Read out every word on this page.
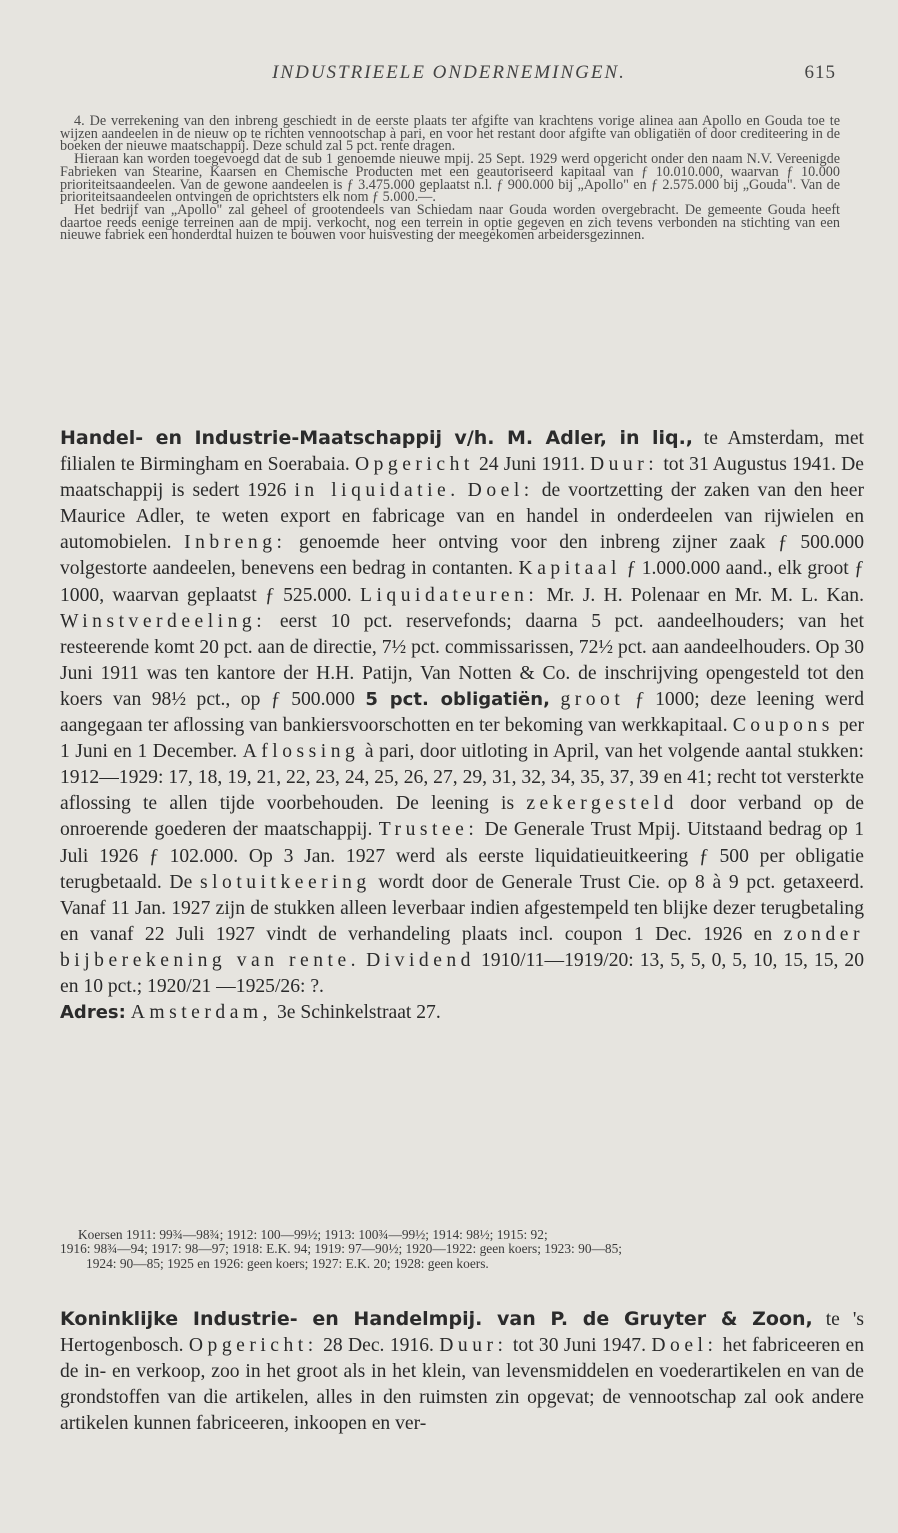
INDUSTRIEELE ONDERNEMINGEN.	615

4. De verrekening van den inbreng geschiedt in de eerste plaats ter afgifte van krachtens vorige alinea aan Apollo en Gouda toe te wijzen aandeelen in de nieuw op te richten vennootschap à pari, en voor het restant door afgifte van obligatiën of door crediteering in de boeken der nieuwe maatschappij. Deze schuld zal 5 pct. rente dragen.

Hieraan kan worden toegevoegd dat de sub 1 genoemde nieuwe mpij. 25 Sept. 1929 werd opgericht onder den naam N.V. Vereenigde Fabrieken van Stearine, Kaarsen en Chemische Producten met een geautoriseerd kapitaal van ƒ 10.010.000, waarvan ƒ 10.000 prioriteitsaandeelen. Van de gewone aandeelen is ƒ 3.475.000 geplaatst n.l. ƒ 900.000 bij „Apollo" en ƒ 2.575.000 bij „Gouda". Van de prioriteitsaandeelen ontvingen de oprichtsters elk nom ƒ 5.000.—.

Het bedrijf van „Apollo" zal geheel of grootendeels van Schiedam naar Gouda worden overgebracht. De gemeente Gouda heeft daartoe reeds eenige terreinen aan de mpij. verkocht, nog een terrein in optie gegeven en zich tevens verbonden na stichting van een nieuwe fabriek een honderdtal huizen te bouwen voor huisvesting der meegekomen arbeidersgezinnen.

Handel- en Industrie-Maatschappij v/h. M. Adler, in liq., te Amsterdam, met filialen te Birmingham en Soerabaia. Opgericht 24 Juni 1911. Duur: tot 31 Augustus 1941. De maatschappij is sedert 1926 in liquidatie. Doel: de voortzetting der zaken van den heer Maurice Adler, te weten export en fabricage van en handel in onderdeelen van rijwielen en automobielen. Inbreng: genoemde heer ontving voor den inbreng zijner zaak ƒ 500.000 volgestorte aandeelen, benevens een bedrag in contanten. Kapitaal ƒ 1.000.000 aand., elk groot ƒ 1000, waarvan geplaatst ƒ 525.000. Liquidateuren: Mr. J. H. Polenaar en Mr. M. L. Kan. Winstverdeeling: eerst 10 pct. reservefonds; daarna 5 pct. aandeelhouders; van het resteerende komt 20 pct. aan de directie, 7½ pct. commissarissen, 72½ pct. aan aandeelhouders. Op 30 Juni 1911 was ten kantore der H.H. Patijn, Van Notten & Co. de inschrijving opengesteld tot den koers van 98½ pct., op ƒ 500.000 5 pct. obligatiën, groot ƒ 1000; deze leening werd aangegaan ter aflossing van bankiersvoorschotten en ter bekoming van werkkapitaal. Coupons per 1 Juni en 1 December. Aflossing à pari, door uitloting in April, van het volgende aantal stukken: 1912—1929: 17, 18, 19, 21, 22, 23, 24, 25, 26, 27, 29, 31, 32, 34, 35, 37, 39 en 41; recht tot versterkte aflossing te allen tijde voorbehouden. De leening is zekergesteld door verband op de onroerende goederen der maatschappij. Trustee: De Generale Trust Mpij. Uitstaand bedrag op 1 Juli 1926 ƒ 102.000. Op 3 Jan. 1927 werd als eerste liquidatieuitkeering ƒ 500 per obligatie terugbetaald. De slotuitkeering wordt door de Generale Trust Cie. op 8 à 9 pct. getaxeerd. Vanaf 11 Jan. 1927 zijn de stukken alleen leverbaar indien afgestempeld ten blijke dezer terugbetaling en vanaf 22 Juli 1927 vindt de verhandeling plaats incl. coupon 1 Dec. 1926 en zonder bijberekening van rente. Dividend 1910/11—1919/20: 13, 5, 5, 0, 5, 10, 15, 15, 20 en 10 pct.; 1920/21 —1925/26: ?.

Adres: Amsterdam, 3e Schinkelstraat 27.

Koersen 1911: 99¾—98¾; 1912: 100—99½; 1913: 100¾—99½; 1914: 98½; 1915: 92;

1916: 98¾—94; 1917: 98—97; 1918: E.K. 94; 1919: 97—90½; 1920—1922: geen koers; 1923: 90—85;

1924: 90—85; 1925 en 1926: geen koers; 1927: E.K. 20; 1928: geen koers.

Koninklijke Industrie- en Handelmpij. van P. de Gruyter & Zoon, te 's Hertogenbosch. Opgericht: 28 Dec. 1916. Duur: tot 30 Juni 1947. Doel: het fabriceeren en de in- en verkoop, zoo in het groot als in het klein, van levensmiddelen en voederartikelen en van de grondstoffen van die artikelen, alles in den ruimsten zin opgevat; de vennootschap zal ook andere artikelen kunnen fabriceeren, inkoopen en ver-
